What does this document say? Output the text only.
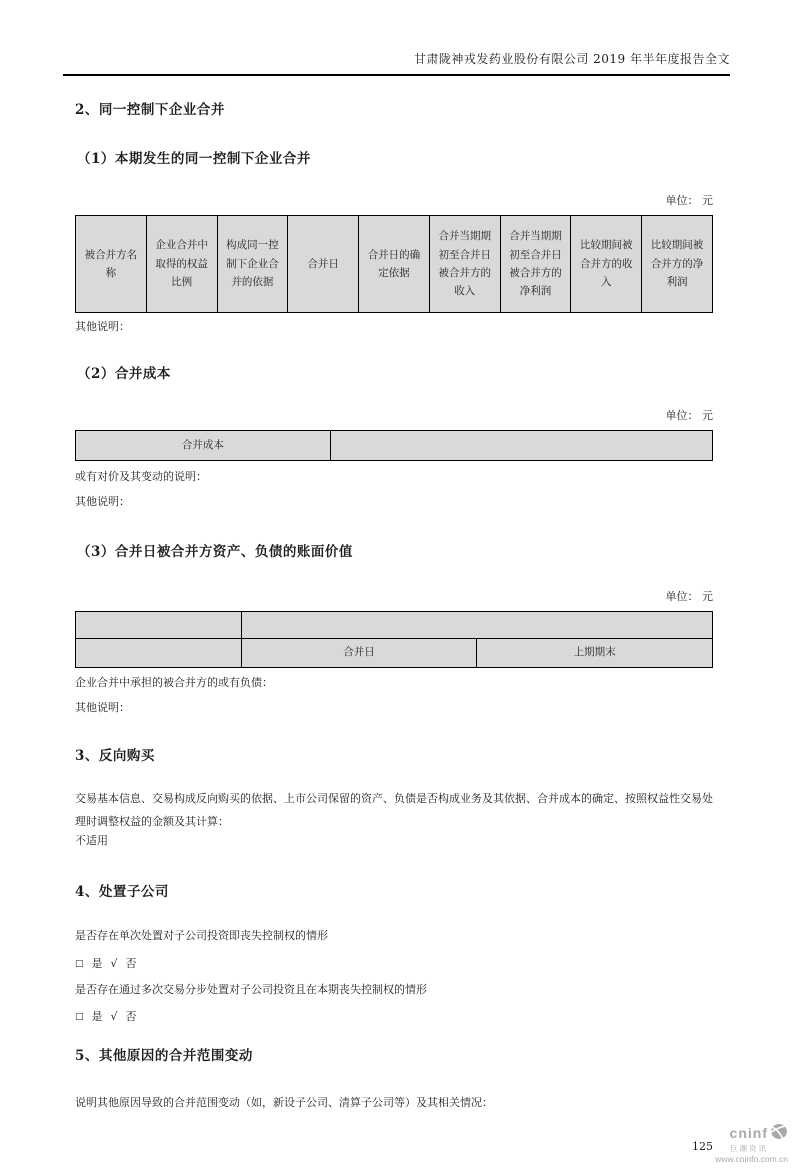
甘肃陇神戎发药业股份有限公司 2019 年半年度报告全文
2、同一控制下企业合并
（1）本期发生的同一控制下企业合并
单位： 元
被合并方名称	企业合并中取得的权益比例	构成同一控制下企业合并的依据	合并日	合并日的确定依据	合并当期期初至合并日被合并方的收入	合并当期期初至合并日被合并方的净利润	比较期间被合并方的收入	比较期间被合并方的净利润
其他说明：
（2）合并成本
单位： 元
合并成本	
或有对价及其变动的说明：
其他说明：
（3）合并日被合并方资产、负债的账面价值
单位： 元

	合并日	上期期末
企业合并中承担的被合并方的或有负债：
其他说明：
3、反向购买
交易基本信息、交易构成反向购买的依据、上市公司保留的资产、负债是否构成业务及其依据、合并成本的确定、按照权益性交易处理时调整权益的金额及其计算：
不适用
4、处置子公司
是否存在单次处置对子公司投资即丧失控制权的情形
□ 是 √ 否
是否存在通过多次交易分步处置对子公司投资且在本期丧失控制权的情形
□ 是 √ 否
5、其他原因的合并范围变动
说明其他原因导致的合并范围变动（如，新设子公司、清算子公司等）及其相关情况：
125
cninf
巨潮资讯
www.cninfo.com.cn
